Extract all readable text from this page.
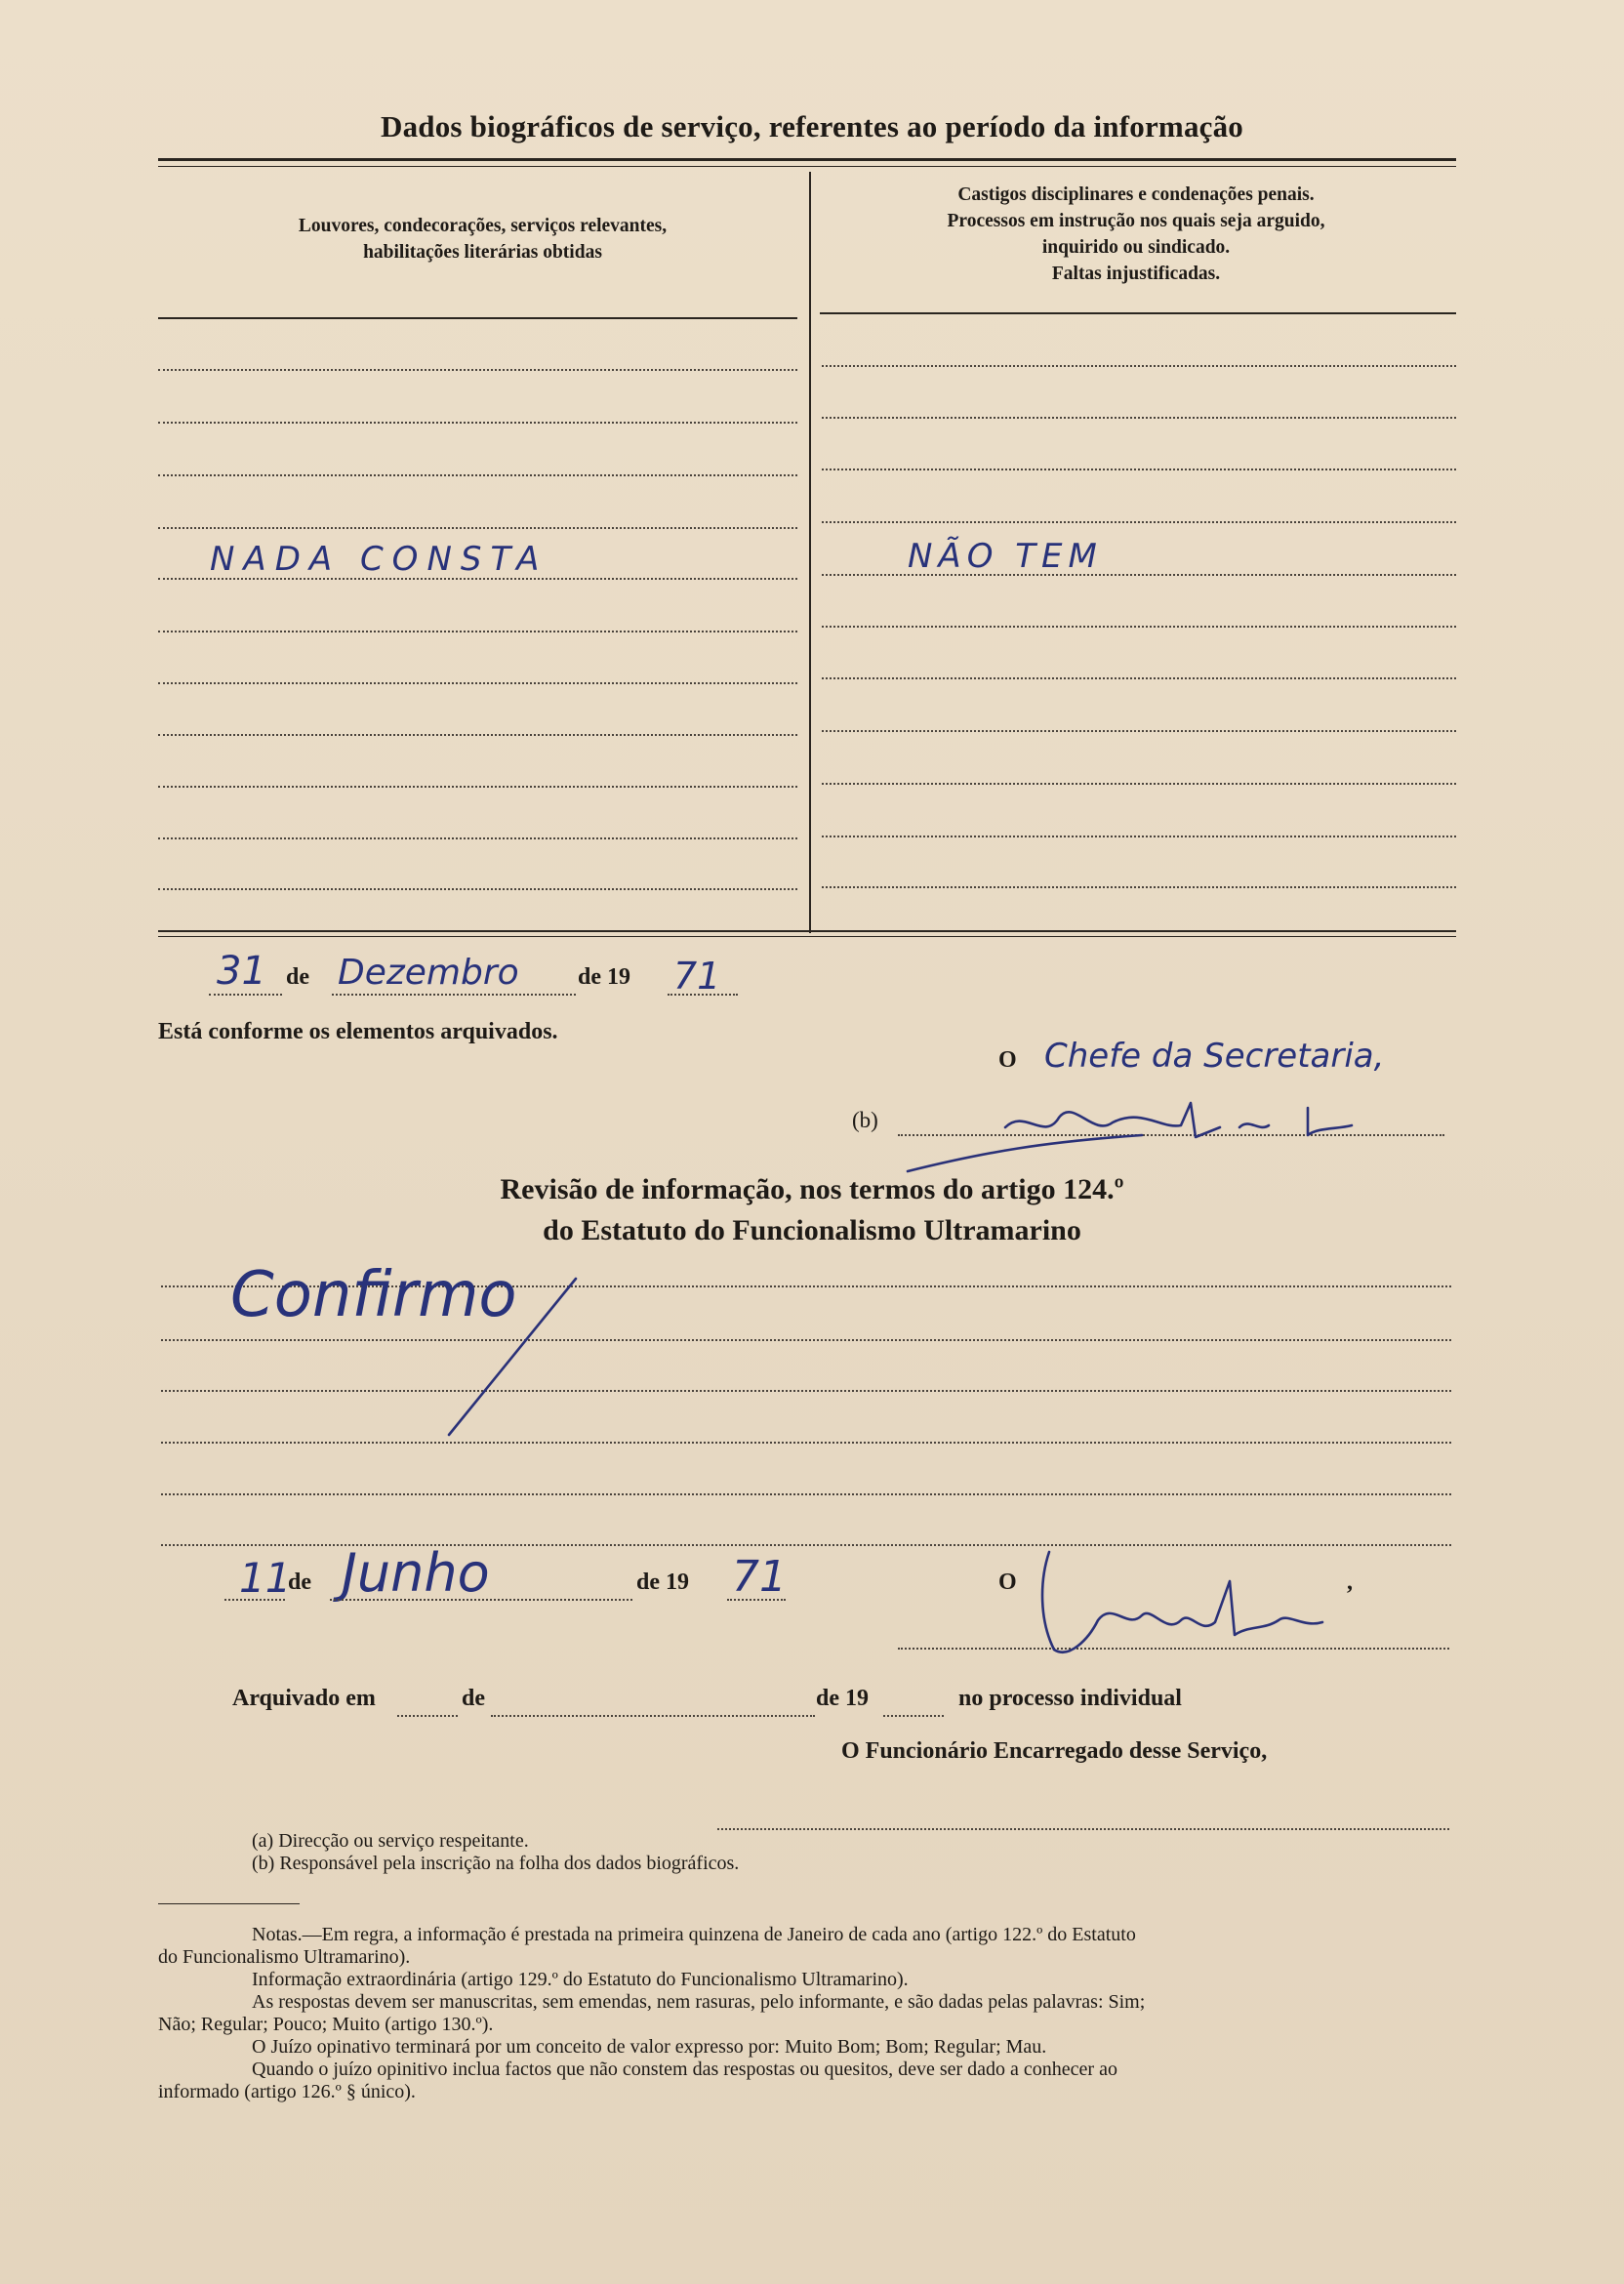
Dados biográficos de serviço, referentes ao período da informação
Louvores, condecorações, serviços relevantes,
habilitações literárias obtidas
Castigos disciplinares e condenações penais.
Processos em instrução nos quais seja arguido,
inquirido ou sindicado.
Faltas injustificadas.
NADA CONSTA	NÃO TEM
31 de Dezembro	de 19 71
Está conforme os elementos arquivados.
O Chefe da Secretaria,
(b)
Revisão de informação, nos termos do artigo 124.º
do Estatuto do Funcionalismo Ultramarino
Confirmo
11
de Junho	de 19 71	O	,
Arquivado em	de	de 19	no processo individual
O Funcionário Encarregado desse Serviço,
(a) Direcção ou serviço respeitante.
(b) Responsável pela inscrição na folha dos dados biográficos.
Notas.—Em regra, a informação é prestada na primeira quinzena de Janeiro de cada ano (artigo 122.º do Estatuto
do Funcionalismo Ultramarino).
Informação extraordinária (artigo 129.º do Estatuto do Funcionalismo Ultramarino).
As respostas devem ser manuscritas, sem emendas, nem rasuras, pelo informante, e são dadas pelas palavras: Sim;
Não; Regular; Pouco; Muito (artigo 130.º).
O Juízo opinativo terminará por um conceito de valor expresso por: Muito Bom; Bom; Regular; Mau.
Quando o juízo opinitivo inclua factos que não constem das respostas ou quesitos, deve ser dado a conhecer ao
informado (artigo 126.º § único).
